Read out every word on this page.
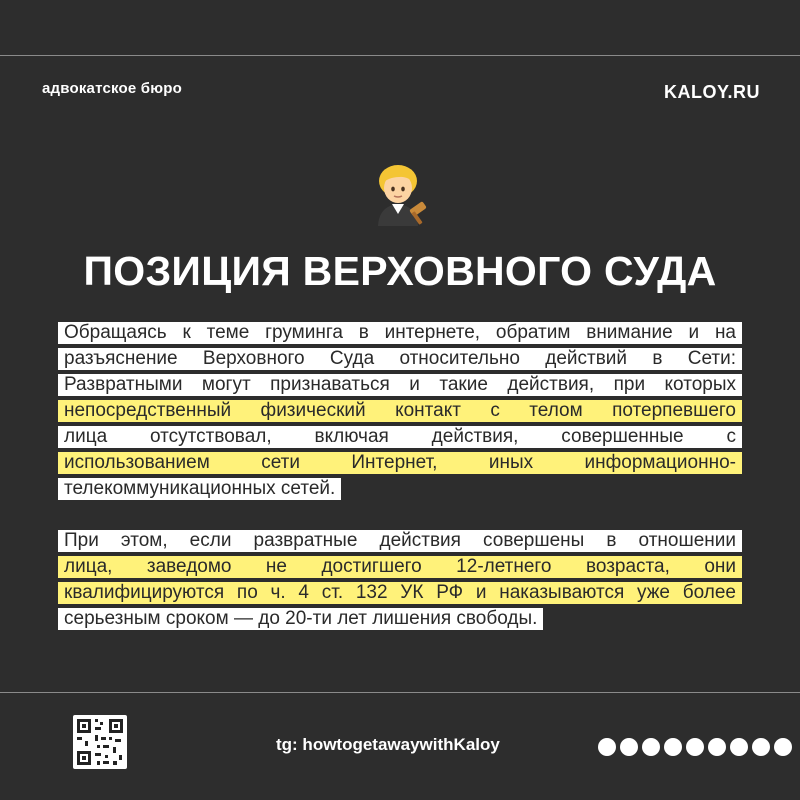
адвокатское бюро	KALOY.RU
ПОЗИЦИЯ ВЕРХОВНОГО СУДА
Обращаясь к теме груминга в интернете, обратим внимание и на
разъяснение Верховного Суда относительно действий в Сети:
Развратными могут признаваться и такие действия, при которых
непосредственный физический контакт с телом потерпевшего
лица отсутствовал, включая действия, совершенные с
использованием сети Интернет, иных информационно-
телекоммуникационных сетей.
При этом, если развратные действия совершены в отношении
лица, заведомо не достигшего 12-летнего возраста, они
квалифицируются по ч. 4 ст. 132 УК РФ и наказываются уже более
серьезным сроком — до 20-ти лет лишения свободы.
tg: howtogetawaywithKaloy
